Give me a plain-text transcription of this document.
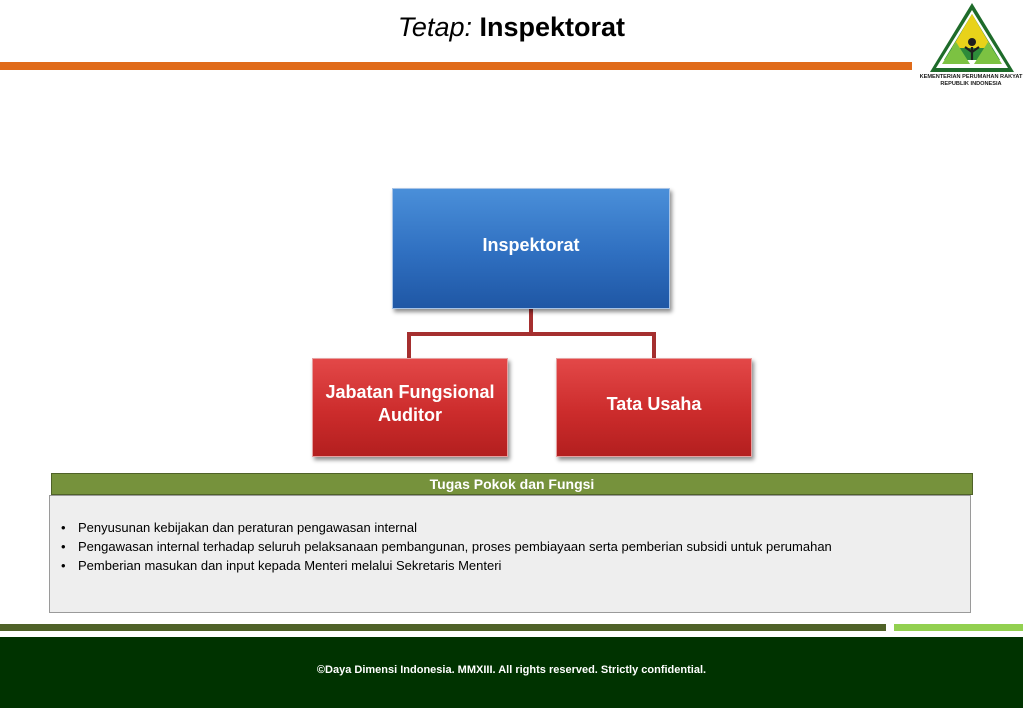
Tetap: Inspektorat
KEMENTERIAN PERUMAHAN RAKYAT
REPUBLIK INDONESIA
Inspektorat
Jabatan Fungsional Auditor
Tata Usaha
Tugas Pokok dan Fungsi
• Penyusunan kebijakan dan peraturan pengawasan internal
• Pengawasan internal terhadap seluruh pelaksanaan pembangunan, proses pembiayaan serta pemberian subsidi untuk perumahan
• Pemberian masukan dan input kepada Menteri melalui Sekretaris Menteri
©Daya Dimensi Indonesia. MMXIII. All rights reserved. Strictly confidential.
